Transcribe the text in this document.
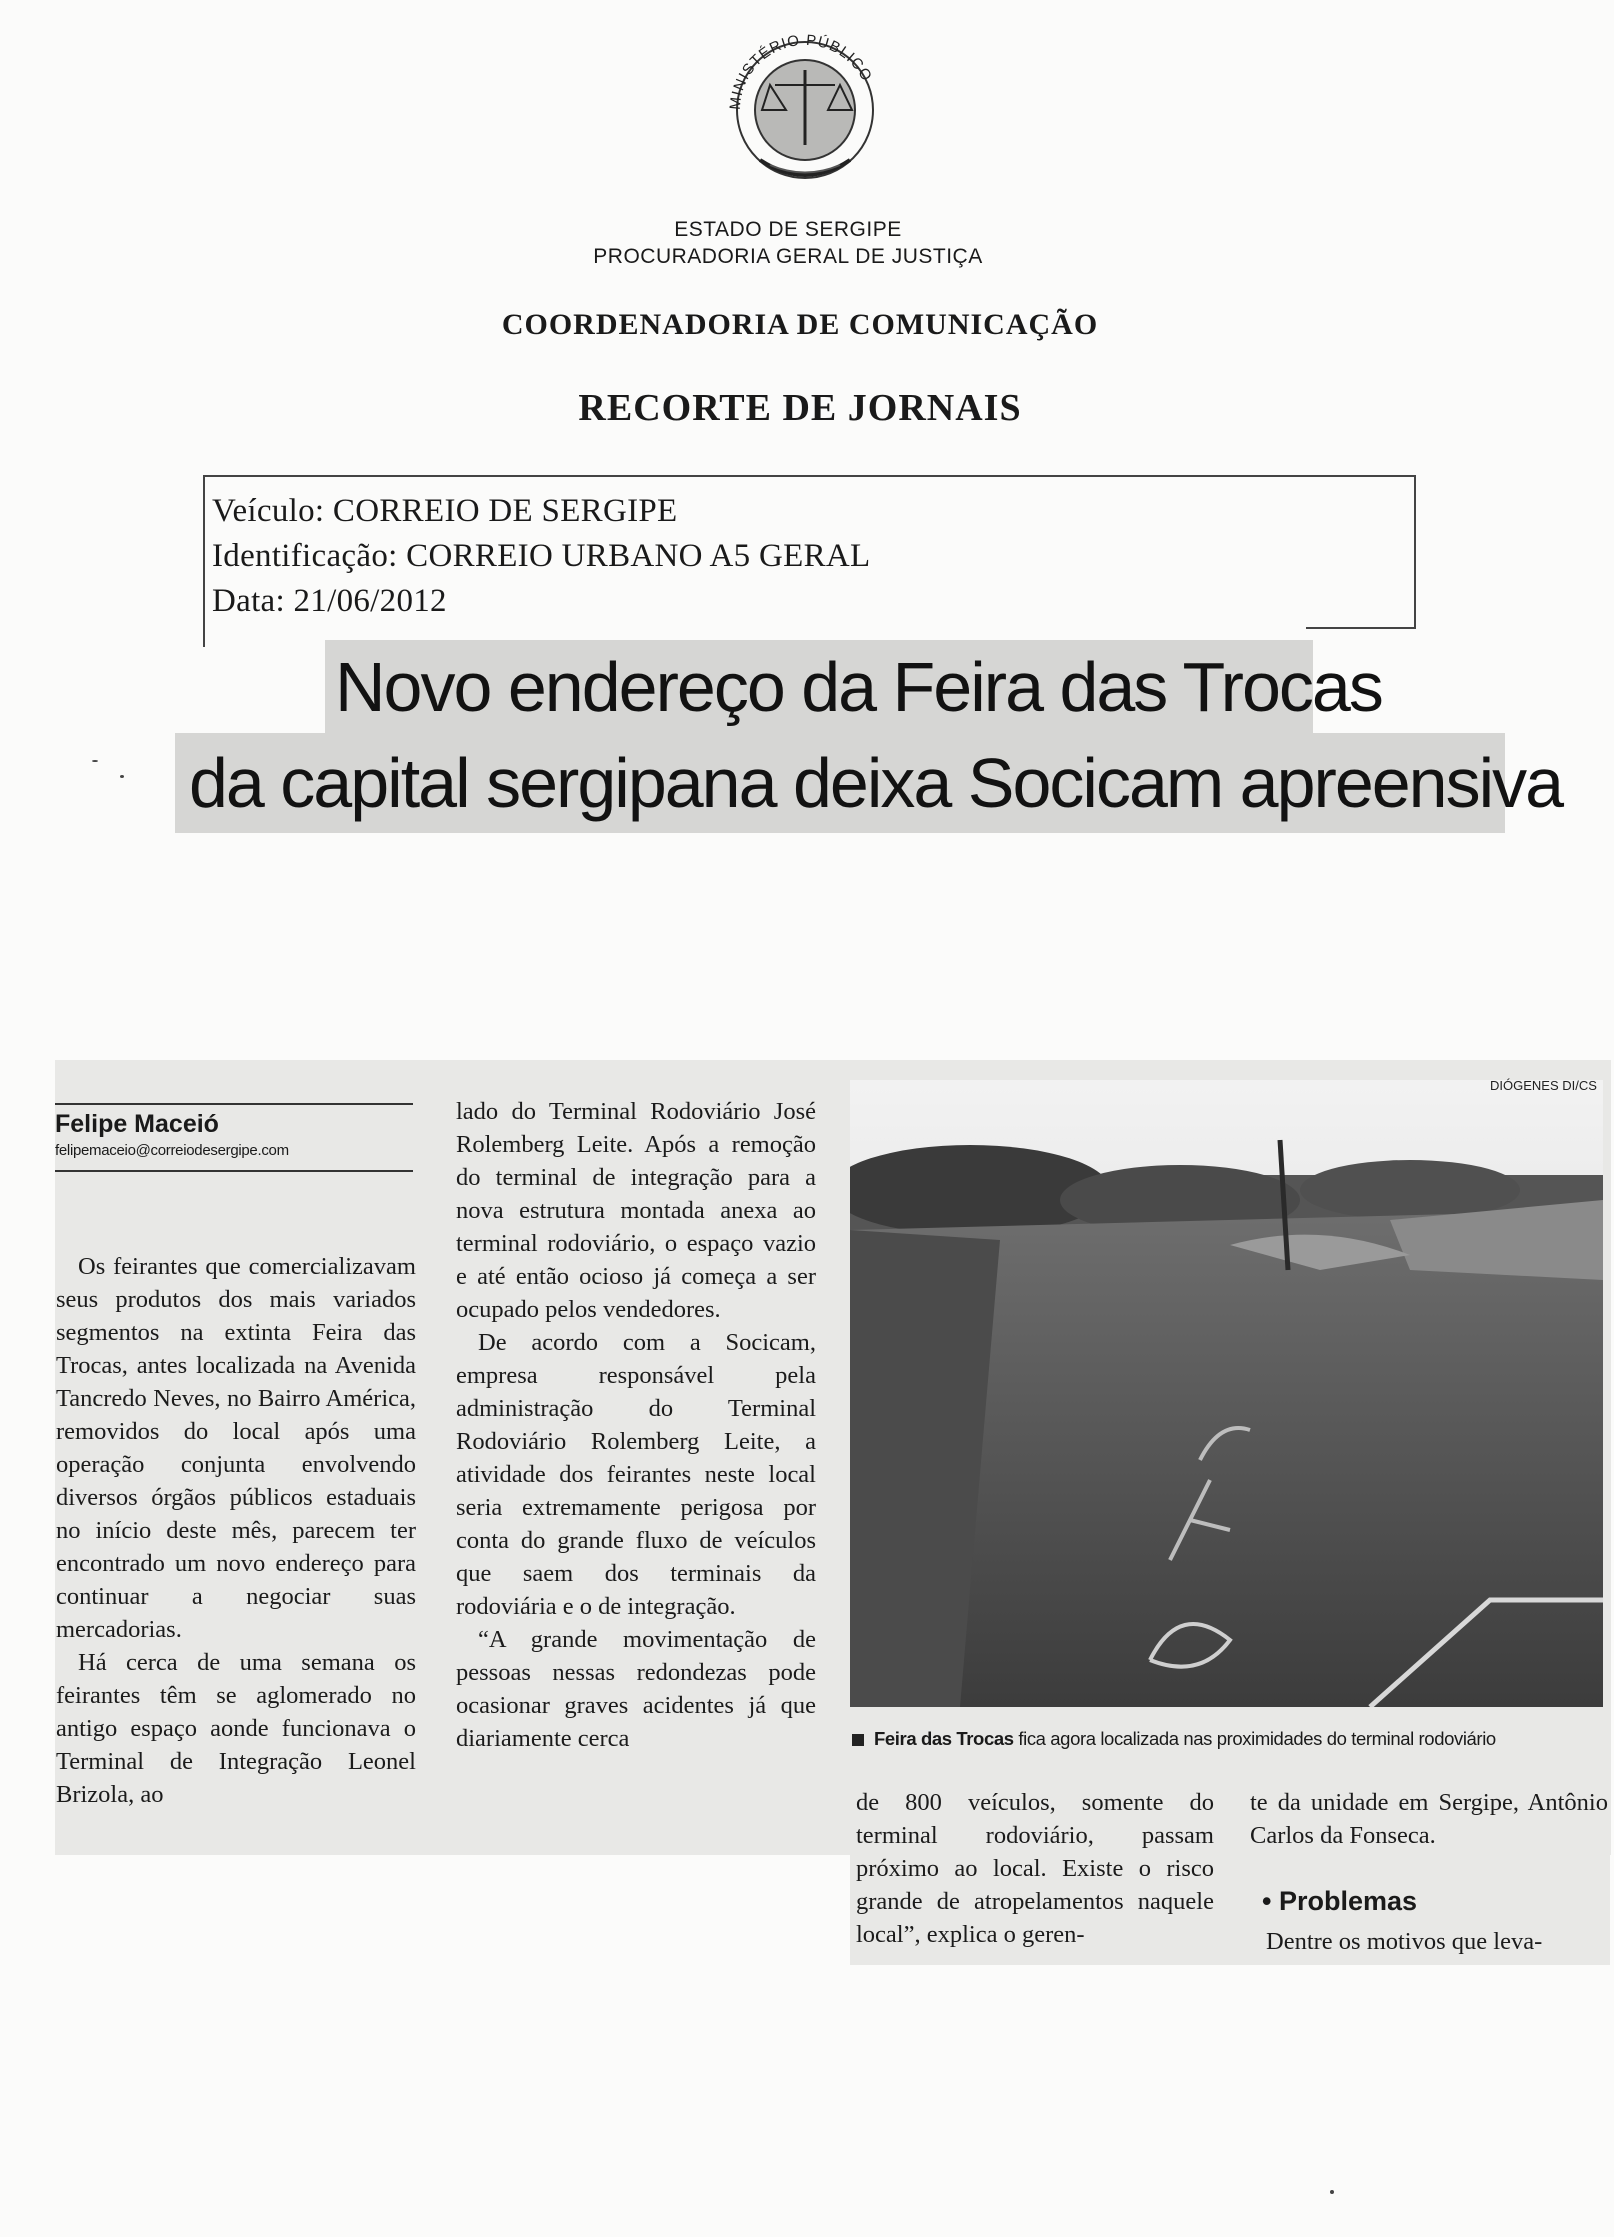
MINISTÉRIO PÚBLICO
ESTADO DE SERGIPE
PROCURADORIA GERAL DE JUSTIÇA
COORDENADORIA DE COMUNICAÇÃO
RECORTE DE JORNAIS
Veículo: CORREIO DE SERGIPE
Identificação: CORREIO URBANO A5 GERAL
Data: 21/06/2012
Novo endereço da Feira das Trocas
da capital sergipana deixa Socicam apreensiva
Felipe Maceió
felipemaceio@correiodesergipe.com

Os feirantes que comercializavam seus produtos dos mais variados segmentos na extinta Feira das Trocas, antes localizada na Avenida Tancredo Neves, no Bairro América, removidos do local após uma operação conjunta envolvendo diversos órgãos públicos estaduais no início deste mês, parecem ter encontrado um novo endereço para continuar a negociar suas mercadorias.

Há cerca de uma semana os feirantes têm se aglomerado no antigo espaço aonde funcionava o Terminal de Integração Leonel Brizola, ao

lado do Terminal Rodoviário José Rolemberg Leite. Após a remoção do terminal de integração para a nova estrutura montada anexa ao terminal rodoviário, o espaço vazio e até então ocioso já começa a ser ocupado pelos vendedores.

De acordo com a Socicam, empresa responsável pela administração do Terminal Rodoviário Rolemberg Leite, a atividade dos feirantes neste local seria extremamente perigosa por conta do grande fluxo de veículos que saem dos terminais da rodoviária e o de integração.

“A grande movimentação de pessoas nessas redondezas pode ocasionar graves acidentes já que diariamente cerca

DIÓGENES DI/CS
Feira das Trocas fica agora localizada nas proximidades do terminal rodoviário
de 800 veículos, somente do terminal rodoviário, passam próximo ao local. Existe o risco grande de atropelamentos naquele local”, explica o geren-
te da unidade em Sergipe, Antônio Carlos da Fonseca.
• Problemas
Dentre os motivos que leva-
